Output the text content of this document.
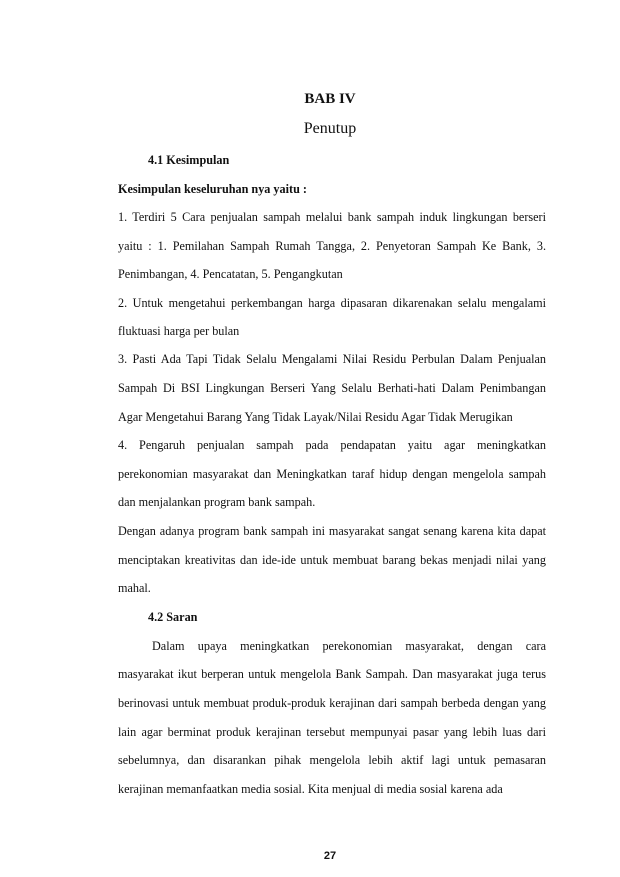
BAB IV
Penutup
4.1 Kesimpulan
Kesimpulan keseluruhan nya yaitu :
1. Terdiri 5 Cara penjualan sampah melalui bank sampah induk lingkungan berseri
yaitu : 1. Pemilahan Sampah Rumah Tangga, 2. Penyetoran Sampah Ke Bank, 3.
Penimbangan, 4. Pencatatan, 5. Pengangkutan
2. Untuk mengetahui perkembangan harga dipasaran dikarenakan selalu mengalami
fluktuasi harga per bulan
3. Pasti Ada Tapi Tidak Selalu Mengalami Nilai Residu Perbulan Dalam Penjualan
Sampah Di BSI Lingkungan Berseri Yang Selalu Berhati-hati Dalam Penimbangan
Agar Mengetahui Barang Yang Tidak Layak/Nilai Residu Agar Tidak Merugikan
4. Pengaruh penjualan sampah pada pendapatan yaitu agar meningkatkan
perekonomian masyarakat dan Meningkatkan taraf hidup dengan mengelola sampah
dan menjalankan program bank sampah.
Dengan adanya program bank sampah ini masyarakat sangat senang karena kita dapat
menciptakan kreativitas dan ide-ide untuk membuat barang bekas menjadi nilai yang
mahal.
4.2 Saran
Dalam upaya meningkatkan perekonomian masyarakat, dengan cara
masyarakat ikut berperan untuk mengelola Bank Sampah. Dan masyarakat juga terus
berinovasi untuk membuat produk-produk kerajinan dari sampah berbeda dengan yang
lain agar berminat produk kerajinan tersebut mempunyai pasar yang lebih luas dari
sebelumnya, dan disarankan pihak mengelola lebih aktif lagi untuk pemasaran
kerajinan memanfaatkan media sosial. Kita menjual di media sosial karena ada
27
